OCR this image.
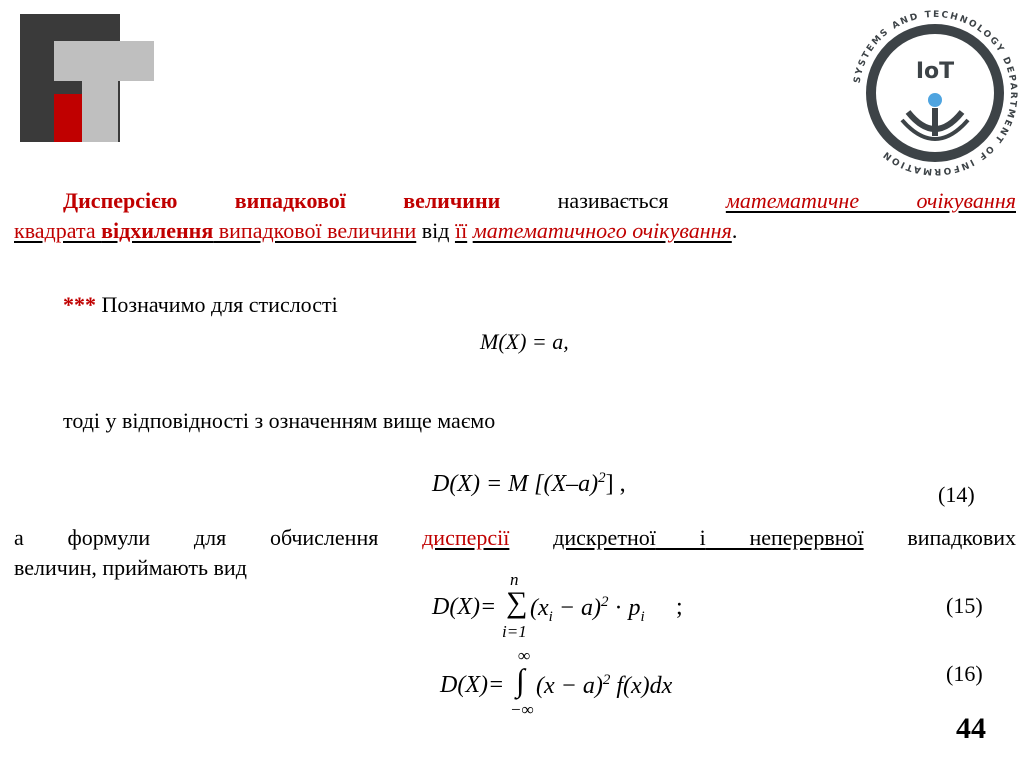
SYSTEMS AND TECHNOLOGY DEPARTMENT OF INFORMATION
IoT
Дисперсією випадкової величини називається математичне очікування
квадрата відхилення випадкової величини від її математичного очікування.
*** Позначимо для стислості
M(X) = a,
тоді у відповідності з означенням вище маємо
D(X) = M $[(X-a)^2]$ ,	(14)
а формули для обчислення дисперсії дискретної і неперервної випадкових
величин, приймають вид
D(X)= ∑
n
i=1
$(x_i - a)^2 \cdot p_i$ ;	(15)
D(X)= ∫
∞
−∞
$(x - a)^2$ f(x)dx	(16)
44
